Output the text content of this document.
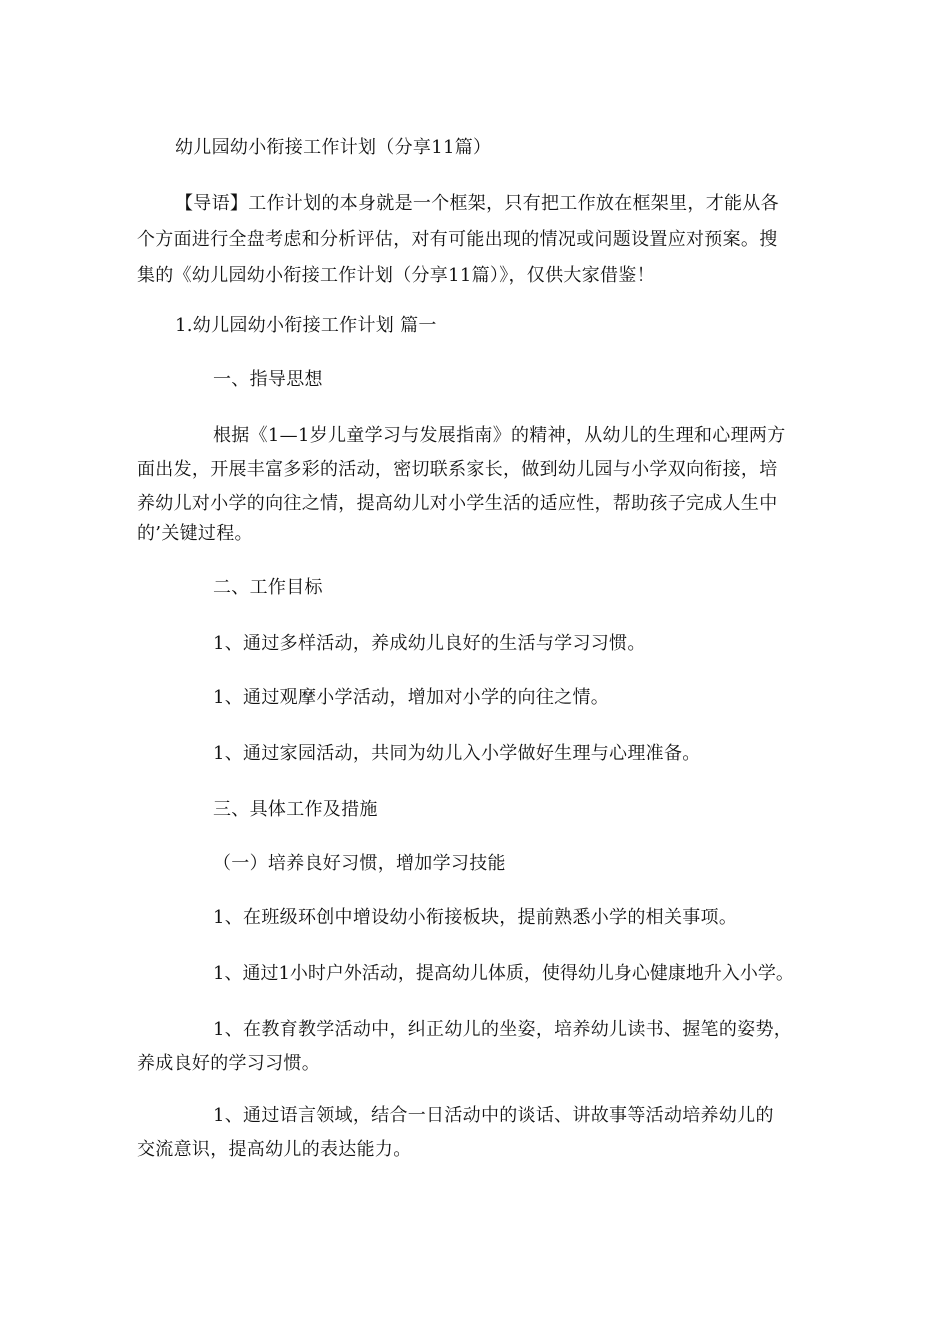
幼儿园幼小衔接工作计划（分享11篇）
【导语】工作计划的本身就是一个框架，只有把工作放在框架里，才能从各
个方面进行全盘考虑和分析评估，对有可能出现的情况或问题设置应对预案。搜
集的《幼儿园幼小衔接工作计划（分享11篇）》，仅供大家借鉴！
1.幼儿园幼小衔接工作计划 篇一
一、指导思想
根据《1—1岁儿童学习与发展指南》的精神，从幼儿的生理和心理两方
面出发，开展丰富多彩的活动，密切联系家长，做到幼儿园与小学双向衔接，培
养幼儿对小学的向往之情，提高幼儿对小学生活的适应性，帮助孩子完成人生中
的’关键过程。
二、工作目标
1、通过多样活动，养成幼儿良好的生活与学习习惯。
1、通过观摩小学活动，增加对小学的向往之情。
1、通过家园活动，共同为幼儿入小学做好生理与心理准备。
三、具体工作及措施
（一）培养良好习惯，增加学习技能
1、在班级环创中增设幼小衔接板块，提前熟悉小学的相关事项。
1、通过1小时户外活动，提高幼儿体质，使得幼儿身心健康地升入小学。
1、在教育教学活动中，纠正幼儿的坐姿，培养幼儿读书、握笔的姿势，
养成良好的学习习惯。
1、通过语言领域，结合一日活动中的谈话、讲故事等活动培养幼儿的
交流意识，提高幼儿的表达能力。
